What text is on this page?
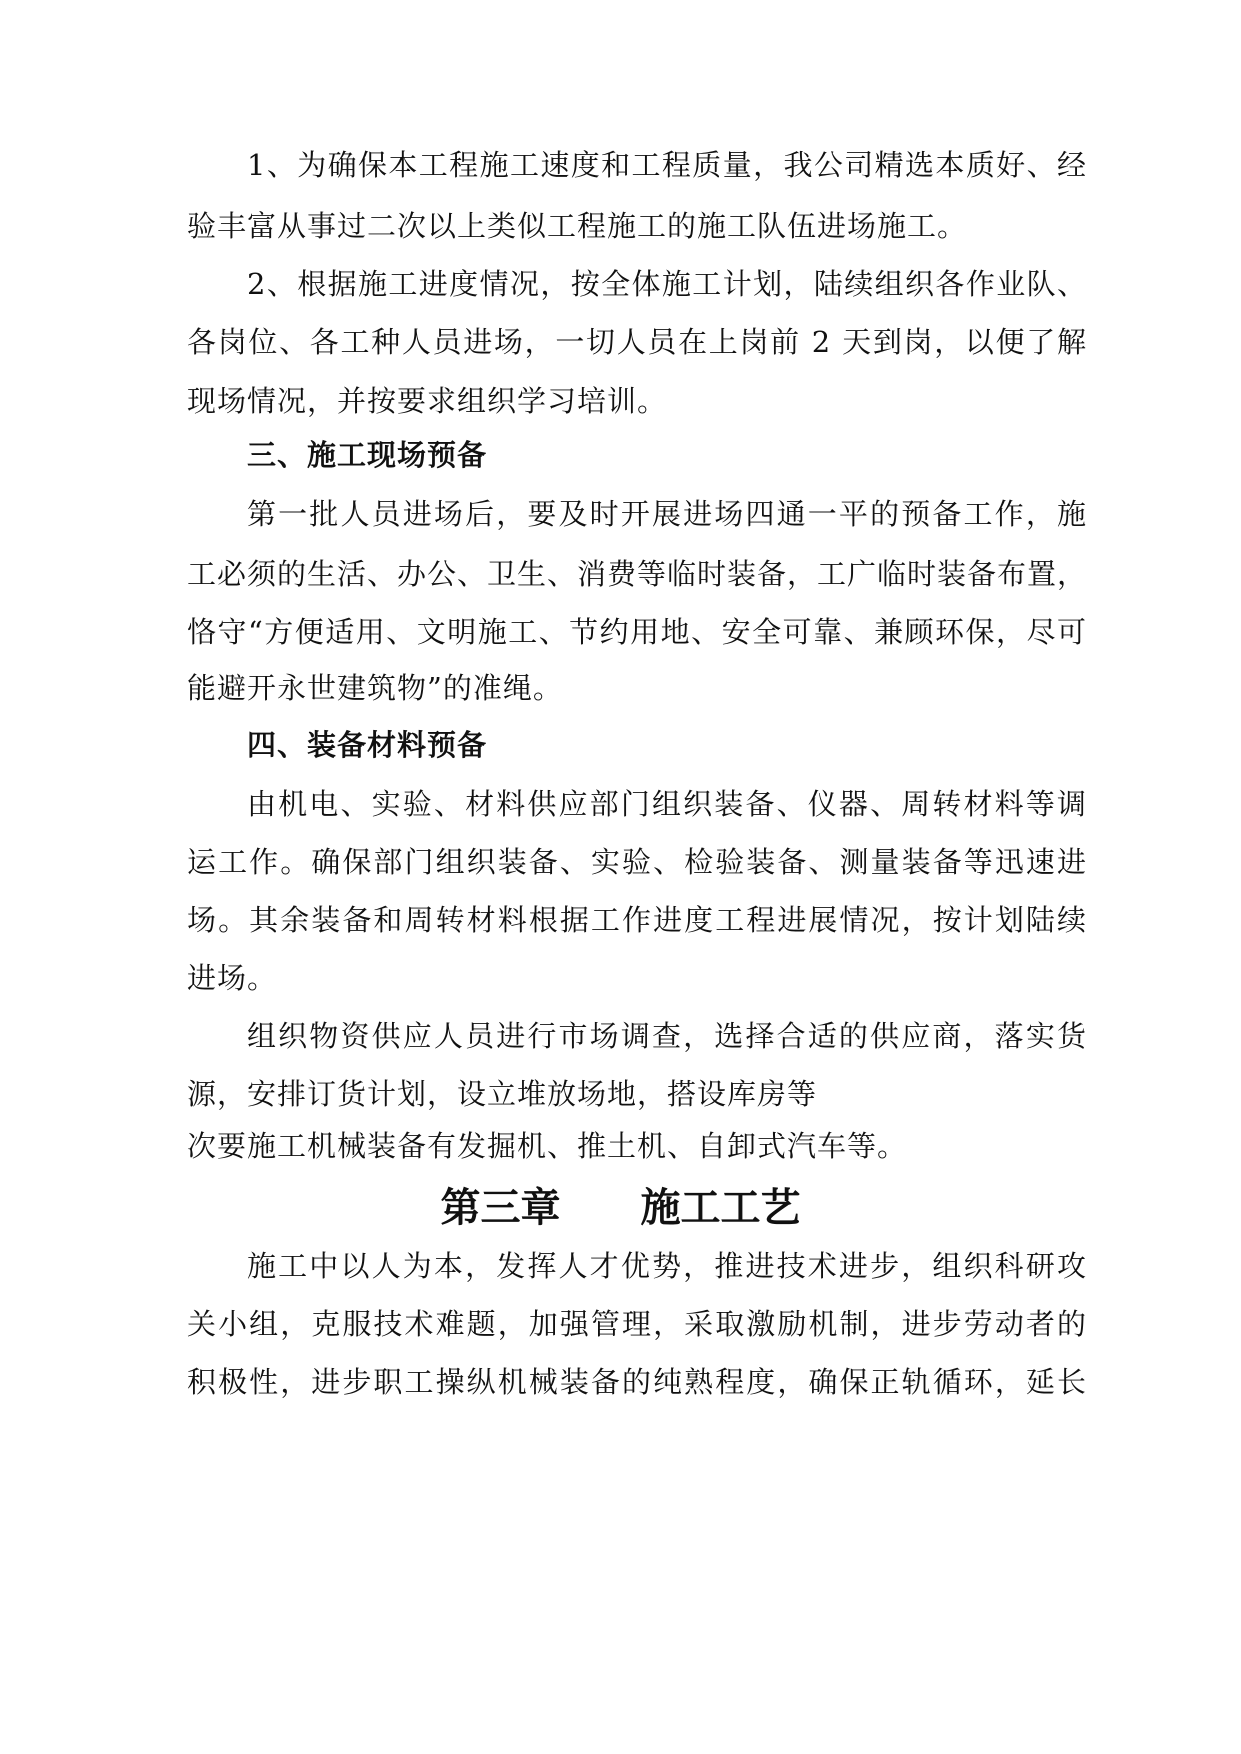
1、为确保本工程施工速度和工程质量，我公司精选本质好、经
验丰富从事过二次以上类似工程施工的施工队伍进场施工。
2、根据施工进度情况，按全体施工计划，陆续组织各作业队、
各岗位、各工种人员进场，一切人员在上岗前 2 天到岗，以便了解
现场情况，并按要求组织学习培训。
三、施工现场预备
第一批人员进场后，要及时开展进场四通一平的预备工作，施
工必须的生活、办公、卫生、消费等临时装备，工广临时装备布置，
恪守“方便适用、文明施工、节约用地、安全可靠、兼顾环保，尽可
能避开永世建筑物”的准绳。
四、装备材料预备
由机电、实验、材料供应部门组织装备、仪器、周转材料等调
运工作。确保部门组织装备、实验、检验装备、测量装备等迅速进
场。其余装备和周转材料根据工作进度工程进展情况，按计划陆续
进场。
组织物资供应人员进行市场调查，选择合适的供应商，落实货
源，安排订货计划，设立堆放场地，搭设库房等
次要施工机械装备有发掘机、推土机、自卸式汽车等。
第三章　　施工工艺
施工中以人为本，发挥人才优势，推进技术进步，组织科研攻
关小组，克服技术难题，加强管理，采取激励机制，进步劳动者的
积极性，进步职工操纵机械装备的纯熟程度，确保正轨循环，延长
